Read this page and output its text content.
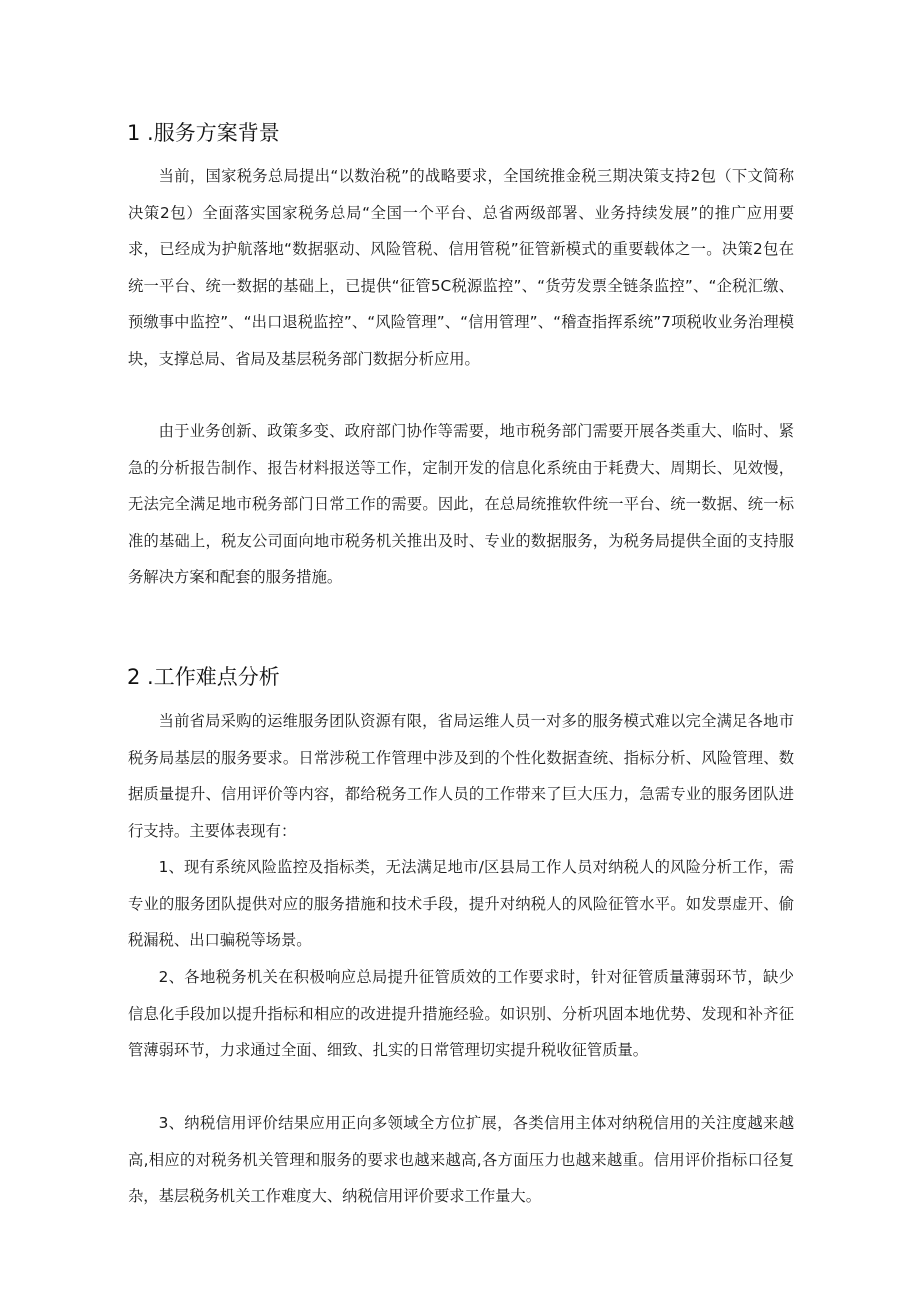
1 .服务方案背景

当前，国家税务总局提出“以数治税”的战略要求，全国统推金税三期决策支持2包（下文简称决策2包）全面落实国家税务总局“全国一个平台、总省两级部署、业务持续发展”的推广应用要求，已经成为护航落地“数据驱动、风险管税、信用管税”征管新模式的重要载体之一。决策2包在统一平台、统一数据的基础上，已提供“征管5C税源监控”、“货劳发票全链条监控”、“企税汇缴、预缴事中监控”、“出口退税监控”、“风险管理”、“信用管理”、“稽查指挥系统”7项税收业务治理模块，支撑总局、省局及基层税务部门数据分析应用。

由于业务创新、政策多变、政府部门协作等需要，地市税务部门需要开展各类重大、临时、紧急的分析报告制作、报告材料报送等工作，定制开发的信息化系统由于耗费大、周期长、见效慢，无法完全满足地市税务部门日常工作的需要。因此，在总局统推软件统一平台、统一数据、统一标准的基础上，税友公司面向地市税务机关推出及时、专业的数据服务，为税务局提供全面的支持服务解决方案和配套的服务措施。

2 .工作难点分析

当前省局采购的运维服务团队资源有限，省局运维人员一对多的服务模式难以完全满足各地市税务局基层的服务要求。日常涉税工作管理中涉及到的个性化数据查统、指标分析、风险管理、数据质量提升、信用评价等内容，都给税务工作人员的工作带来了巨大压力，急需专业的服务团队进行支持。主要体表现有：

1、现有系统风险监控及指标类，无法满足地市/区县局工作人员对纳税人的风险分析工作，需专业的服务团队提供对应的服务措施和技术手段，提升对纳税人的风险征管水平。如发票虚开、偷税漏税、出口骗税等场景。

2、各地税务机关在积极响应总局提升征管质效的工作要求时，针对征管质量薄弱环节，缺少信息化手段加以提升指标和相应的改进提升措施经验。如识别、分析巩固本地优势、发现和补齐征管薄弱环节，力求通过全面、细致、扎实的日常管理切实提升税收征管质量。

3、纳税信用评价结果应用正向多领域全方位扩展，各类信用主体对纳税信用的关注度越来越高,相应的对税务机关管理和服务的要求也越来越高,各方面压力也越来越重。信用评价指标口径复杂，基层税务机关工作难度大、纳税信用评价要求工作量大。
